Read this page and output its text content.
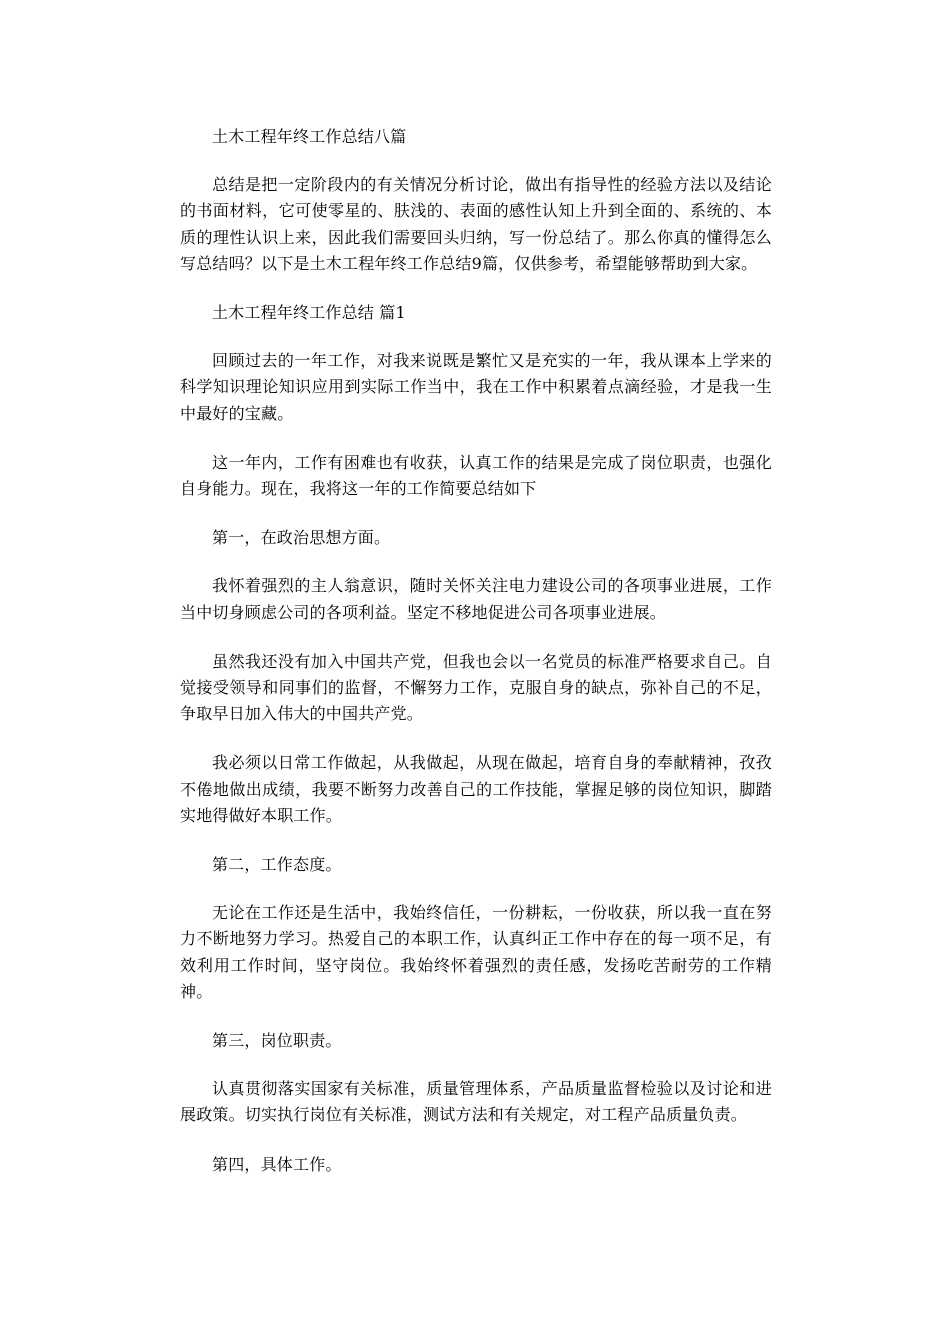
土木工程年终工作总结八篇

总结是把一定阶段内的有关情况分析讨论，做出有指导性的经验方法以及结论的书面材料，它可使零星的、肤浅的、表面的感性认知上升到全面的、系统的、本质的理性认识上来，因此我们需要回头归纳，写一份总结了。那么你真的懂得怎么写总结吗？以下是土木工程年终工作总结9篇，仅供参考，希望能够帮助到大家。

土木工程年终工作总结 篇1

回顾过去的一年工作，对我来说既是繁忙又是充实的一年，我从课本上学来的科学知识理论知识应用到实际工作当中，我在工作中积累着点滴经验，才是我一生中最好的宝藏。

这一年内，工作有困难也有收获，认真工作的结果是完成了岗位职责，也强化自身能力。现在，我将这一年的工作简要总结如下

第一，在政治思想方面。

我怀着强烈的主人翁意识，随时关怀关注电力建设公司的各项事业进展，工作当中切身顾虑公司的各项利益。坚定不移地促进公司各项事业进展。

虽然我还没有加入中国共产党，但我也会以一名党员的标准严格要求自己。自觉接受领导和同事们的监督，不懈努力工作，克服自身的缺点，弥补自己的不足，争取早日加入伟大的中国共产党。

我必须以日常工作做起，从我做起，从现在做起，培育自身的奉献精神，孜孜不倦地做出成绩，我要不断努力改善自己的工作技能，掌握足够的岗位知识，脚踏实地得做好本职工作。

第二，工作态度。

无论在工作还是生活中，我始终信任，一份耕耘，一份收获，所以我一直在努力不断地努力学习。热爱自己的本职工作，认真纠正工作中存在的每一项不足，有效利用工作时间，坚守岗位。我始终怀着强烈的责任感，发扬吃苦耐劳的工作精神。

第三，岗位职责。

认真贯彻落实国家有关标准，质量管理体系，产品质量监督检验以及讨论和进展政策。切实执行岗位有关标准，测试方法和有关规定，对工程产品质量负责。

第四，具体工作。
